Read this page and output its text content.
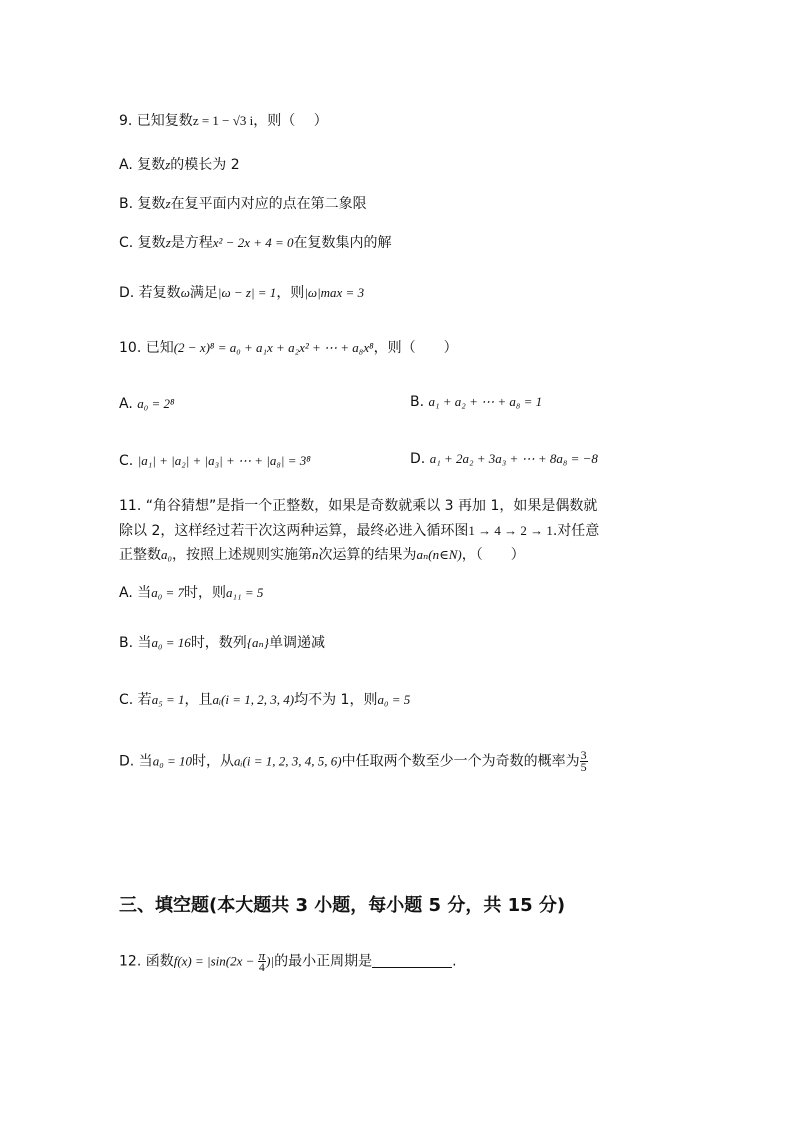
9. 已知复数z = 1 − √3 i，则（　 ）
A. 复数z的模长为 2
B. 复数z在复平面内对应的点在第二象限
C. 复数z是方程x² − 2x + 4 = 0在复数集内的解
D. 若复数ω满足|ω − z| = 1，则|ω|max = 3
10. 已知(2 − x)⁸ = a₀ + a₁x + a₂x² + ⋯ + a₈x⁸，则（　　）
A. a₀ = 2⁸	B. a₁ + a₂ + ⋯ + a₈ = 1
C. |a₁| + |a₂| + |a₃| + ⋯ + |a₈| = 3⁸	D. a₁ + 2a₂ + 3a₃ + ⋯ + 8a₈ = −8
11. “角谷猜想”是指一个正整数，如果是奇数就乘以 3 再加 1，如果是偶数就
除以 2，这样经过若干次这两种运算，最终必进入循环图1 → 4 → 2 → 1.对任意
正整数a₀，按照上述规则实施第n次运算的结果为aₙ(n∈N)，（　　）
A. 当a₀ = 7时，则a₁₁ = 5
B. 当a₀ = 16时，数列{aₙ}单调递减
C. 若a₅ = 1，且aᵢ(i = 1, 2, 3, 4)均不为 1，则a₀ = 5
D. 当a₀ = 10时，从aᵢ(i = 1, 2, 3, 4, 5, 6)中任取两个数至少一个为奇数的概率为 $\frac{3}{5}$
三、填空题(本大题共 3 小题，每小题 5 分，共 15 分)
12. 函数$f(x) = |\sin(2x - \frac{\pi}{4}$ )|的最小正周期是	.
